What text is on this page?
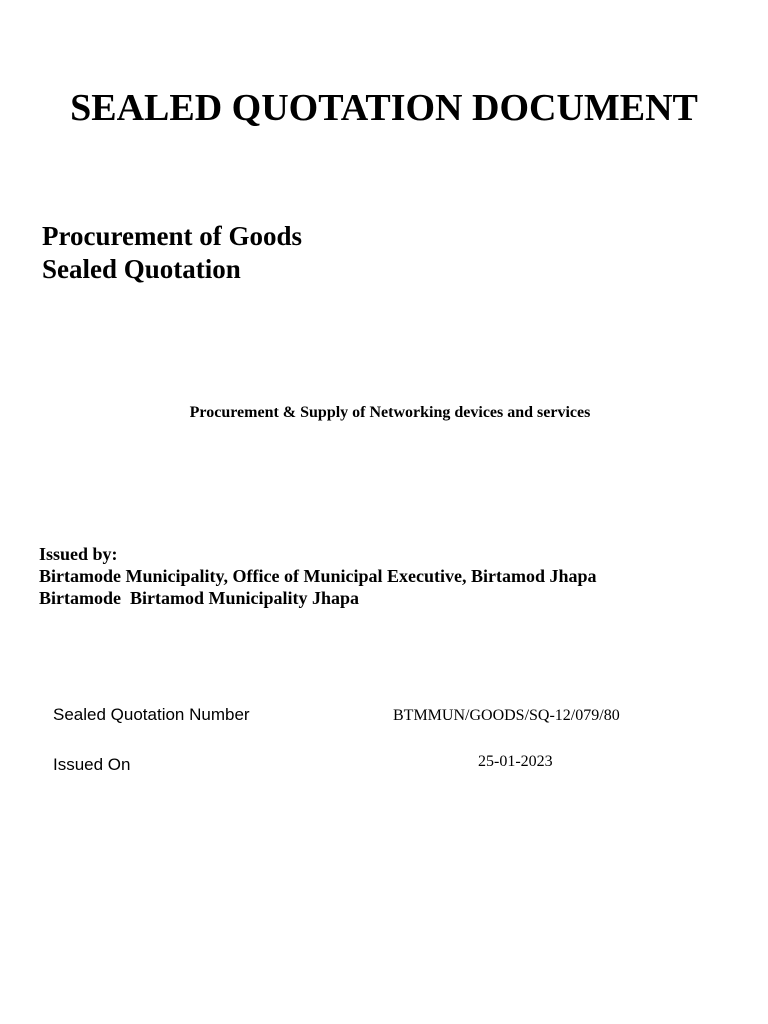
SEALED QUOTATION DOCUMENT
Procurement of Goods
Sealed Quotation
Procurement & Supply of Networking devices and services
Issued by:
Birtamode Municipality, Office of Municipal Executive, Birtamod Jhapa
Birtamode  Birtamod Municipality Jhapa
Sealed Quotation Number	BTMMUN/GOODS/SQ-12/079/80
Issued On	25-01-2023
